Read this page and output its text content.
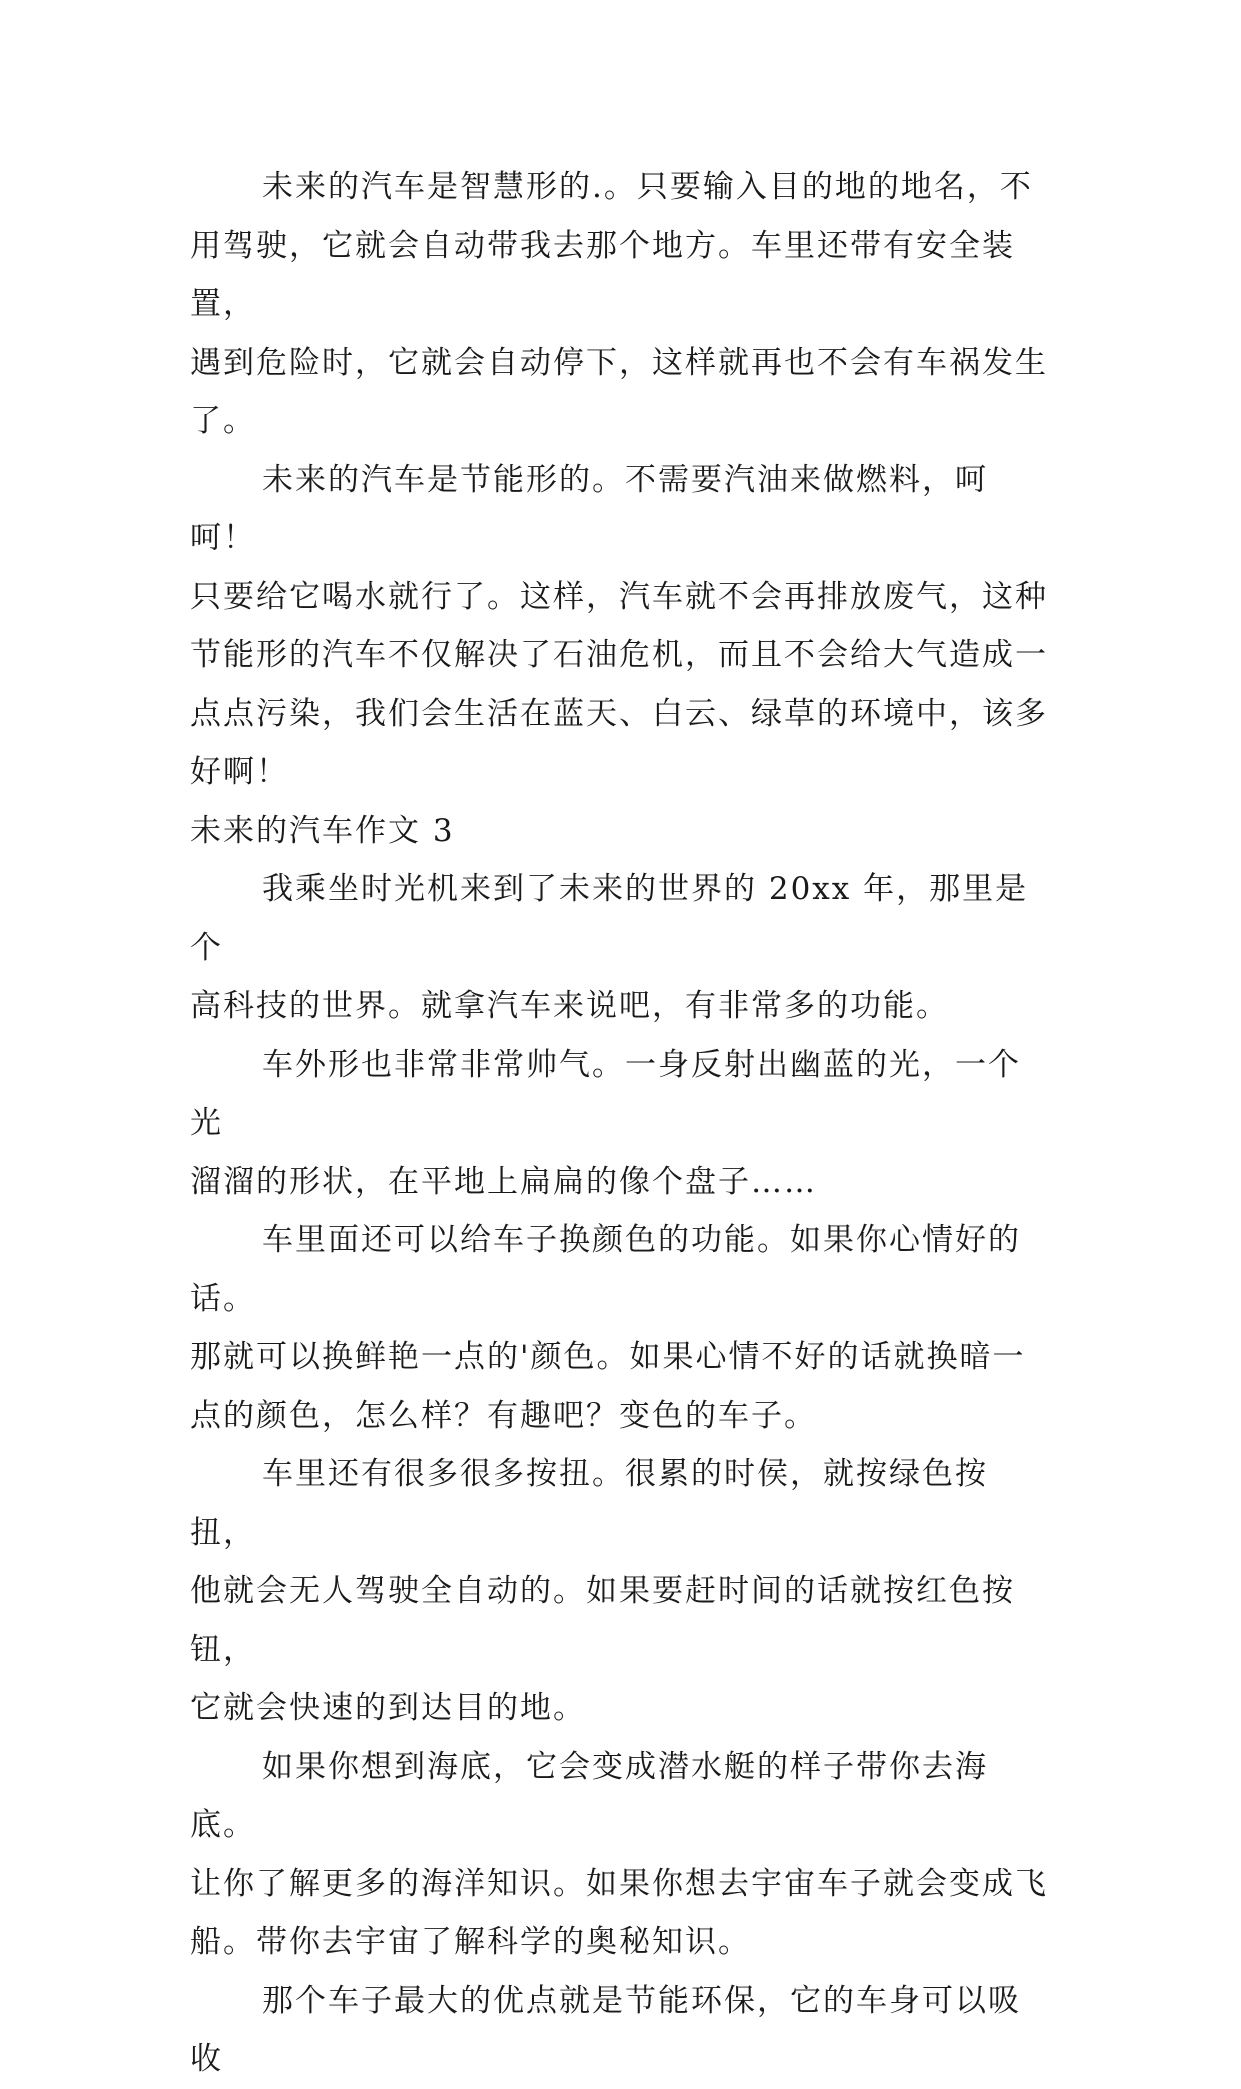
未来的汽车是智慧形的.。只要输入目的地的地名，不
用驾驶，它就会自动带我去那个地方。车里还带有安全装置，
遇到危险时，它就会自动停下，这样就再也不会有车祸发生
了。

未来的汽车是节能形的。不需要汽油来做燃料，呵呵！
只要给它喝水就行了。这样，汽车就不会再排放废气，这种
节能形的汽车不仅解决了石油危机，而且不会给大气造成一
点点污染，我们会生活在蓝天、白云、绿草的环境中，该多
好啊！

未来的汽车作文 3

我乘坐时光机来到了未来的世界的 20xx 年，那里是个
高科技的世界。就拿汽车来说吧，有非常多的功能。

车外形也非常非常帅气。一身反射出幽蓝的光，一个光
溜溜的形状，在平地上扁扁的像个盘子……

车里面还可以给车子换颜色的功能。如果你心情好的话。
那就可以换鲜艳一点的'颜色。如果心情不好的话就换暗一
点的颜色，怎么样？有趣吧？变色的车子。

车里还有很多很多按扭。很累的时侯，就按绿色按扭，
他就会无人驾驶全自动的。如果要赶时间的话就按红色按钮，
它就会快速的到达目的地。

如果你想到海底，它会变成潜水艇的样子带你去海底。
让你了解更多的海洋知识。如果你想去宇宙车子就会变成飞
船。带你去宇宙了解科学的奥秘知识。

那个车子最大的优点就是节能环保，它的车身可以吸收
